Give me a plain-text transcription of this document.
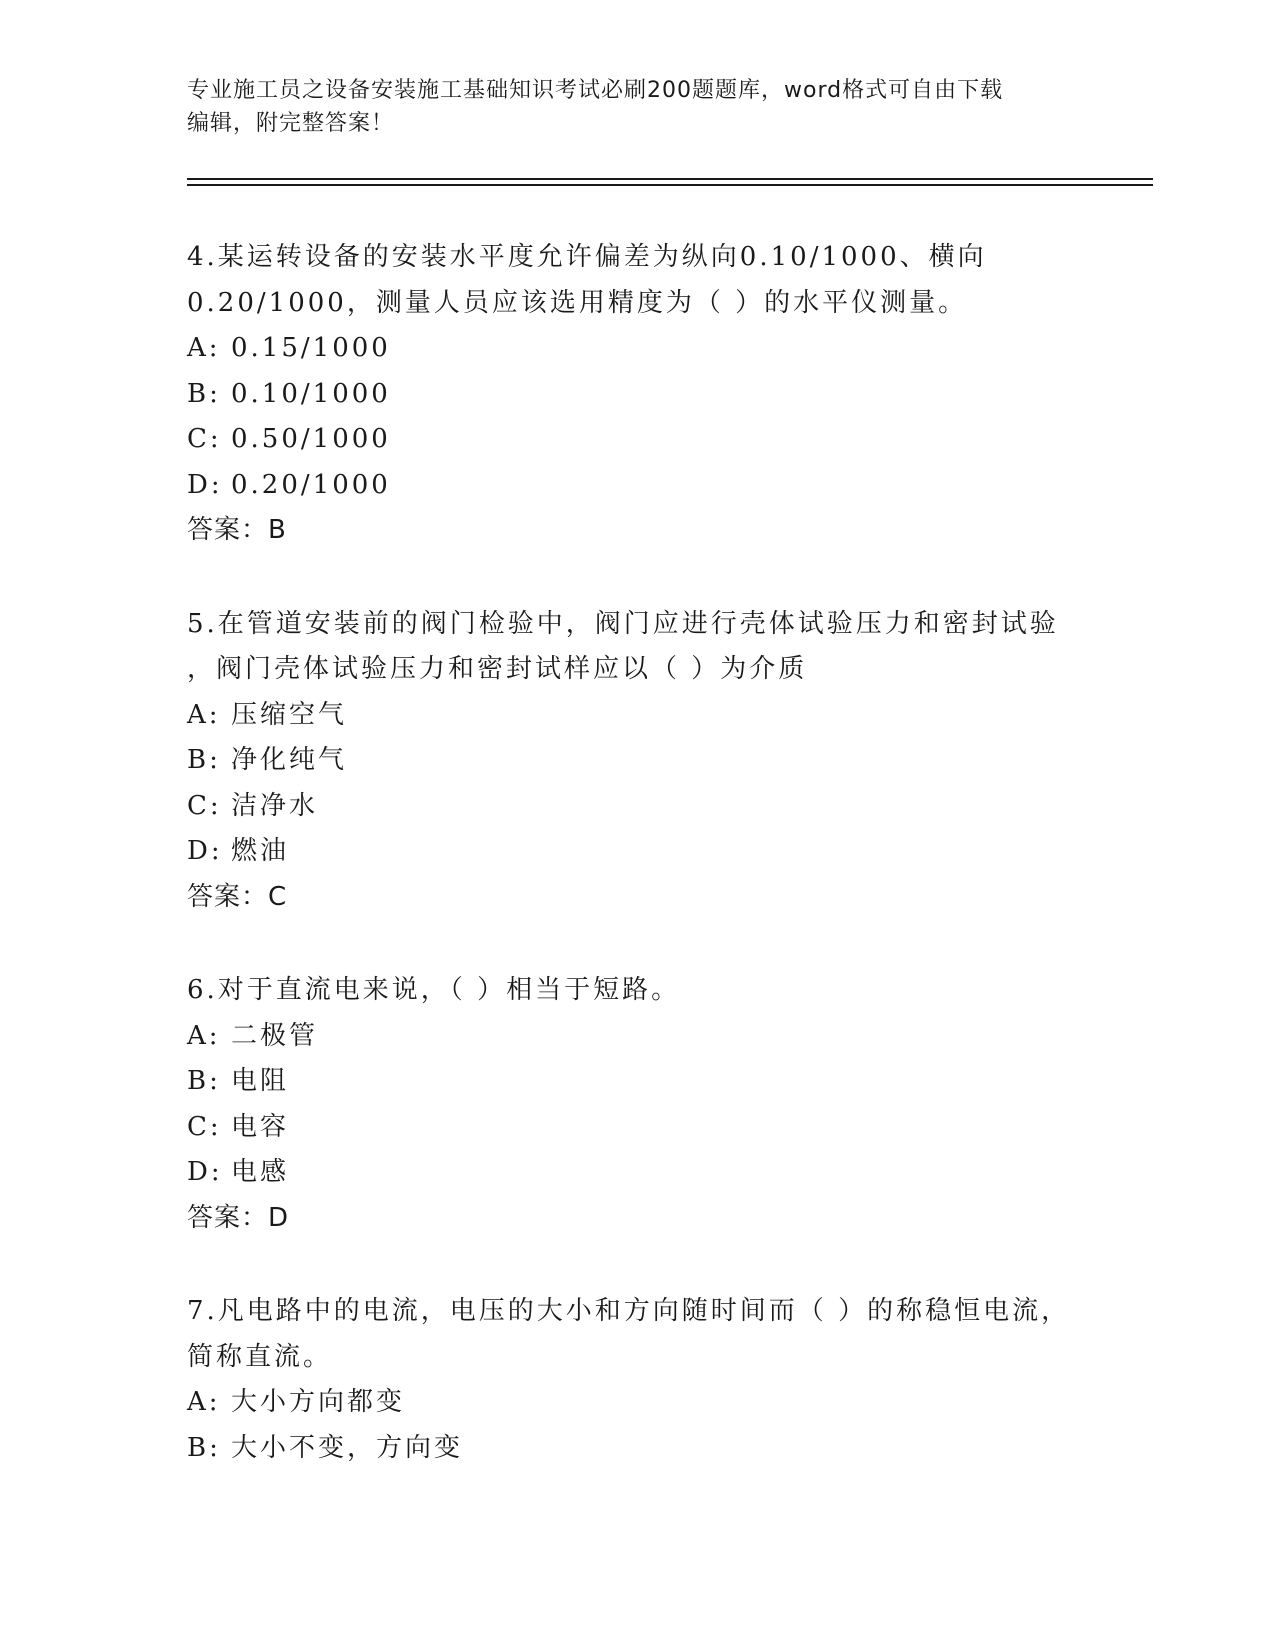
专业施工员之设备安装施工基础知识考试必刷200题题库，word格式可自由下载
编辑，附完整答案！
4.某运转设备的安装水平度允许偏差为纵向0.10/1000、横向
0.20/1000，测量人员应该选用精度为（ ）的水平仪测量。
A: 0.15/1000
B: 0.10/1000
C: 0.50/1000
D: 0.20/1000
答案：B
5.在管道安装前的阀门检验中，阀门应进行壳体试验压力和密封试验
，阀门壳体试验压力和密封试样应以（ ）为介质
A: 压缩空气
B: 净化纯气
C: 洁净水
D: 燃油
答案：C
6.对于直流电来说，（ ）相当于短路。
A: 二极管
B: 电阻
C: 电容
D: 电感
答案：D
7.凡电路中的电流，电压的大小和方向随时间而（ ）的称稳恒电流，
简称直流。
A: 大小方向都变
B: 大小不变，方向变
